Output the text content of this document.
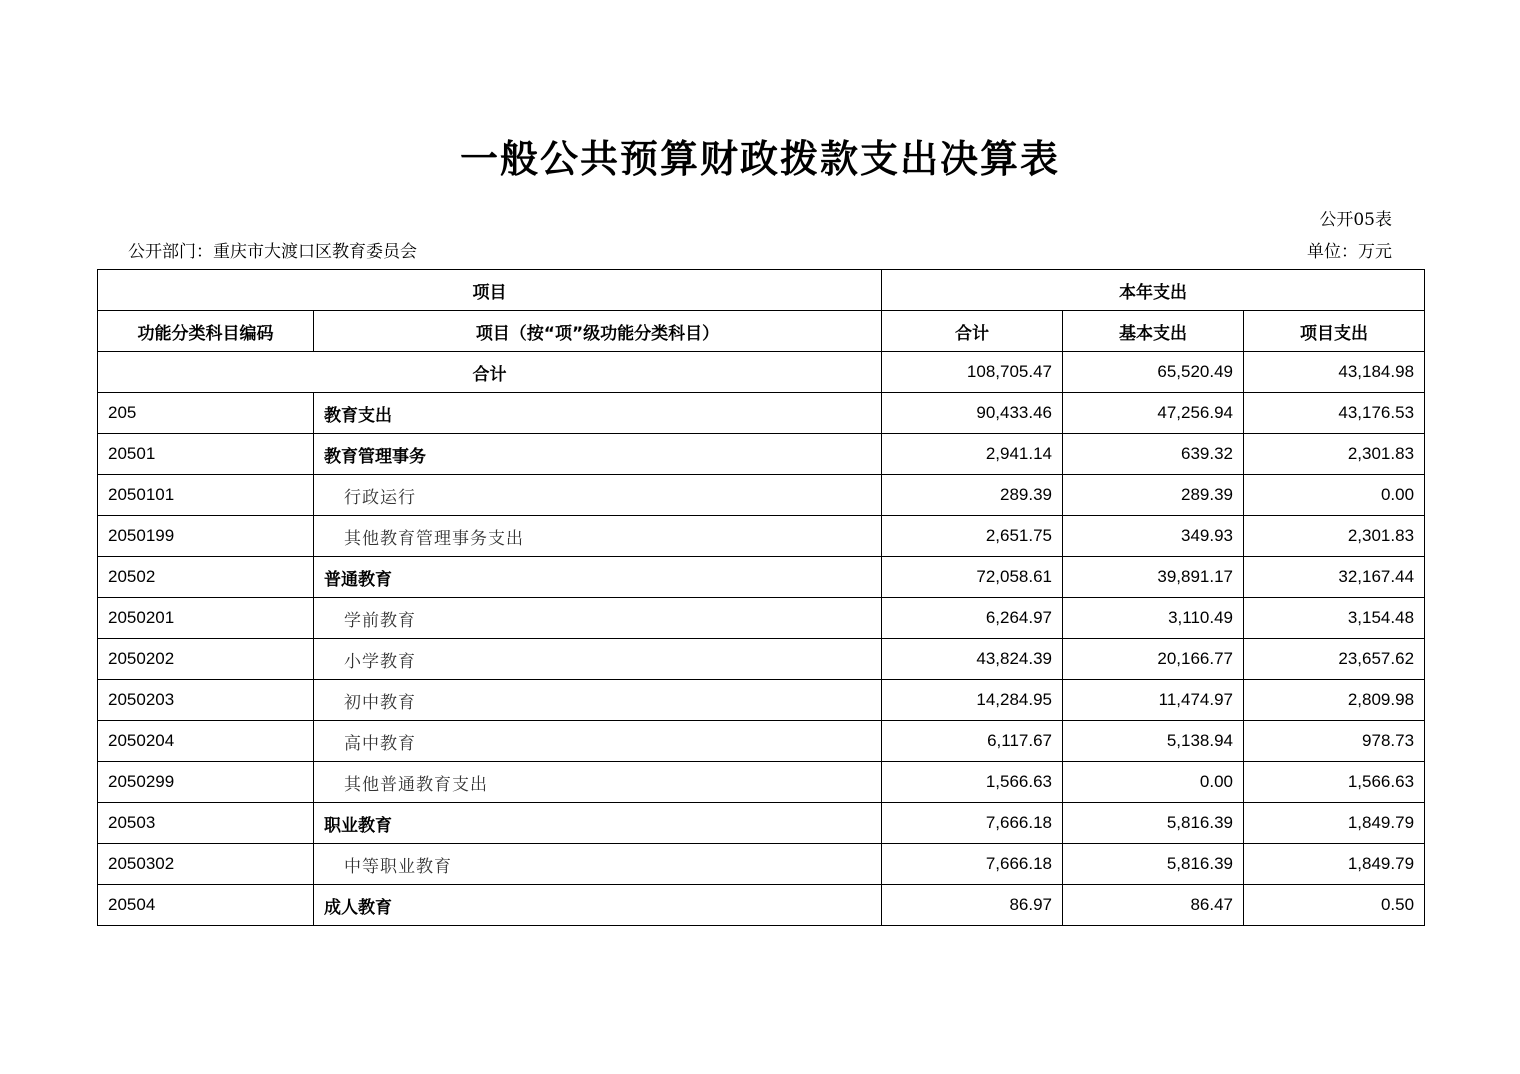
一般公共预算财政拨款支出决算表
公开05表
公开部门：重庆市大渡口区教育委员会	单位：万元
项目		本年支出		
功能分类科目编码	项目（按“项”级功能分类科目）	合计	基本支出	项目支出
合计		108,705.47	65,520.49	43,184.98
205	教育支出	90,433.46	47,256.94	43,176.53
20501	教育管理事务	2,941.14	639.32	2,301.83
2050101	行政运行	289.39	289.39	0.00
2050199	其他教育管理事务支出	2,651.75	349.93	2,301.83
20502	普通教育	72,058.61	39,891.17	32,167.44
2050201	学前教育	6,264.97	3,110.49	3,154.48
2050202	小学教育	43,824.39	20,166.77	23,657.62
2050203	初中教育	14,284.95	11,474.97	2,809.98
2050204	高中教育	6,117.67	5,138.94	978.73
2050299	其他普通教育支出	1,566.63	0.00	1,566.63
20503	职业教育	7,666.18	5,816.39	1,849.79
2050302	中等职业教育	7,666.18	5,816.39	1,849.79
20504	成人教育	86.97	86.47	0.50
